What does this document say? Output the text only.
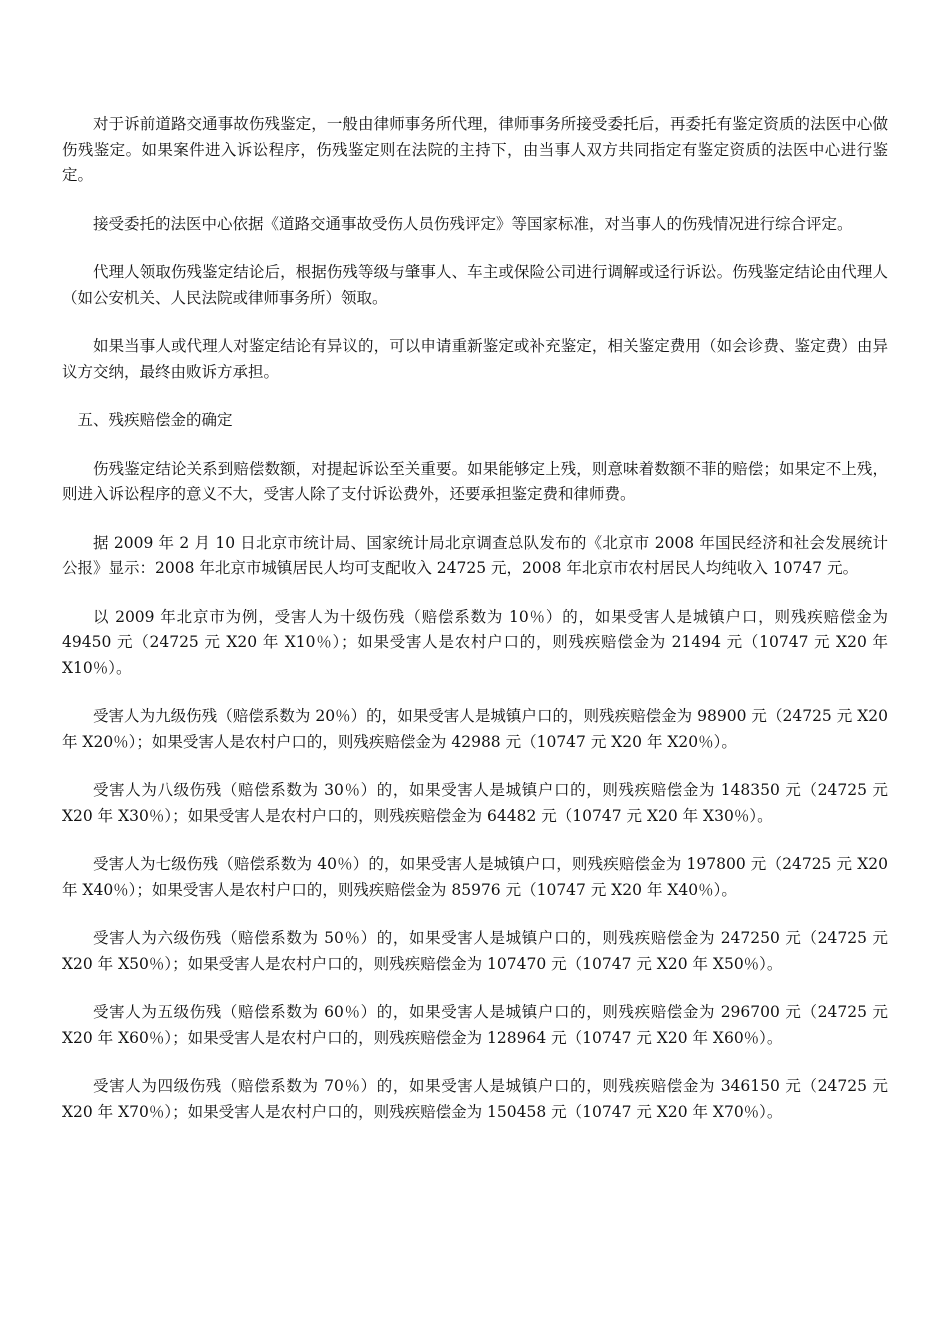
对于诉前道路交通事故伤残鉴定，一般由律师事务所代理，律师事务所接受委托后，再委托有鉴定资质的法医中心做伤残鉴定。如果案件进入诉讼程序，伤残鉴定则在法院的主持下，由当事人双方共同指定有鉴定资质的法医中心进行鉴定。

接受委托的法医中心依据《道路交通事故受伤人员伤残评定》等国家标准，对当事人的伤残情况进行综合评定。

代理人领取伤残鉴定结论后，根据伤残等级与肇事人、车主或保险公司进行调解或迳行诉讼。伤残鉴定结论由代理人（如公安机关、人民法院或律师事务所）领取。

如果当事人或代理人对鉴定结论有异议的，可以申请重新鉴定或补充鉴定，相关鉴定费用（如会诊费、鉴定费）由异议方交纳，最终由败诉方承担。

五、残疾赔偿金的确定

伤残鉴定结论关系到赔偿数额，对提起诉讼至关重要。如果能够定上残，则意味着数额不菲的赔偿；如果定不上残，则进入诉讼程序的意义不大，受害人除了支付诉讼费外，还要承担鉴定费和律师费。

据 2009 年 2 月 10 日北京市统计局、国家统计局北京调查总队发布的《北京市 2008 年国民经济和社会发展统计公报》显示：2008 年北京市城镇居民人均可支配收入 24725 元，2008 年北京市农村居民人均纯收入 10747 元。

以 2009 年北京市为例，受害人为十级伤残（赔偿系数为 10％）的，如果受害人是城镇户口，则残疾赔偿金为 49450 元（24725 元 X20 年 X10％）；如果受害人是农村户口的，则残疾赔偿金为 21494 元（10747 元 X20 年 X10％）。

受害人为九级伤残（赔偿系数为 20％）的，如果受害人是城镇户口的，则残疾赔偿金为 98900 元（24725 元 X20 年 X20％）；如果受害人是农村户口的，则残疾赔偿金为 42988 元（10747 元 X20 年 X20％）。

受害人为八级伤残（赔偿系数为 30％）的，如果受害人是城镇户口的，则残疾赔偿金为 148350 元（24725 元 X20 年 X30％）；如果受害人是农村户口的，则残疾赔偿金为 64482 元（10747 元 X20 年 X30％）。

受害人为七级伤残（赔偿系数为 40％）的，如果受害人是城镇户口，则残疾赔偿金为 197800 元（24725 元 X20 年 X40％）；如果受害人是农村户口的，则残疾赔偿金为 85976 元（10747 元 X20 年 X40％）。

受害人为六级伤残（赔偿系数为 50％）的，如果受害人是城镇户口的，则残疾赔偿金为 247250 元（24725 元 X20 年 X50％）；如果受害人是农村户口的，则残疾赔偿金为 107470 元（10747 元 X20 年 X50％）。

受害人为五级伤残（赔偿系数为 60％）的，如果受害人是城镇户口的，则残疾赔偿金为 296700 元（24725 元 X20 年 X60％）；如果受害人是农村户口的，则残疾赔偿金为 128964 元（10747 元 X20 年 X60％）。

受害人为四级伤残（赔偿系数为 70％）的，如果受害人是城镇户口的，则残疾赔偿金为 346150 元（24725 元 X20 年 X70％）；如果受害人是农村户口的，则残疾赔偿金为 150458 元（10747 元 X20 年 X70％）。
